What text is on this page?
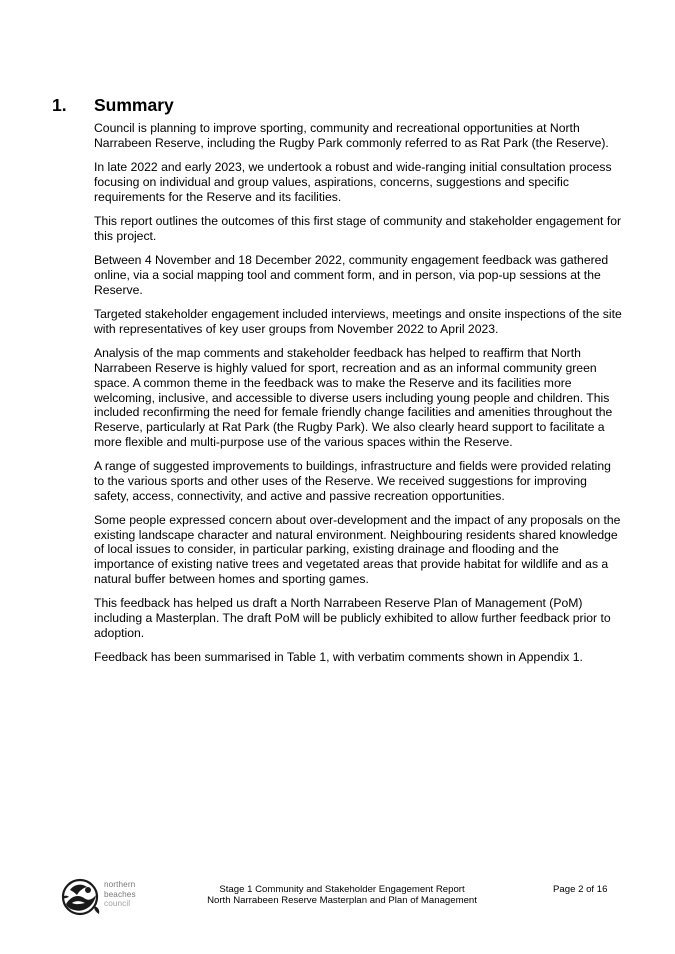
1. Summary

Council is planning to improve sporting, community and recreational opportunities at North Narrabeen Reserve, including the Rugby Park commonly referred to as Rat Park (the Reserve).

In late 2022 and early 2023, we undertook a robust and wide-ranging initial consultation process focusing on individual and group values, aspirations, concerns, suggestions and specific requirements for the Reserve and its facilities.

This report outlines the outcomes of this first stage of community and stakeholder engagement for this project.

Between 4 November and 18 December 2022, community engagement feedback was gathered online, via a social mapping tool and comment form, and in person, via pop-up sessions at the Reserve.

Targeted stakeholder engagement included interviews, meetings and onsite inspections of the site with representatives of key user groups from November 2022 to April 2023.

Analysis of the map comments and stakeholder feedback has helped to reaffirm that North Narrabeen Reserve is highly valued for sport, recreation and as an informal community green space. A common theme in the feedback was to make the Reserve and its facilities more welcoming, inclusive, and accessible to diverse users including young people and children. This included reconfirming the need for female friendly change facilities and amenities throughout the Reserve, particularly at Rat Park (the Rugby Park). We also clearly heard support to facilitate a more flexible and multi-purpose use of the various spaces within the Reserve.

A range of suggested improvements to buildings, infrastructure and fields were provided relating to the various sports and other uses of the Reserve. We received suggestions for improving safety, access, connectivity, and active and passive recreation opportunities.

Some people expressed concern about over-development and the impact of any proposals on the existing landscape character and natural environment. Neighbouring residents shared knowledge of local issues to consider, in particular parking, existing drainage and flooding and the importance of existing native trees and vegetated areas that provide habitat for wildlife and as a natural buffer between homes and sporting games.

This feedback has helped us draft a North Narrabeen Reserve Plan of Management (PoM) including a Masterplan. The draft PoM will be publicly exhibited to allow further feedback prior to adoption.

Feedback has been summarised in Table 1, with verbatim comments shown in Appendix 1.

northern
beaches
council
Stage 1 Community and Stakeholder Engagement Report
North Narrabeen Reserve Masterplan and Plan of Management
Page 2 of 16
